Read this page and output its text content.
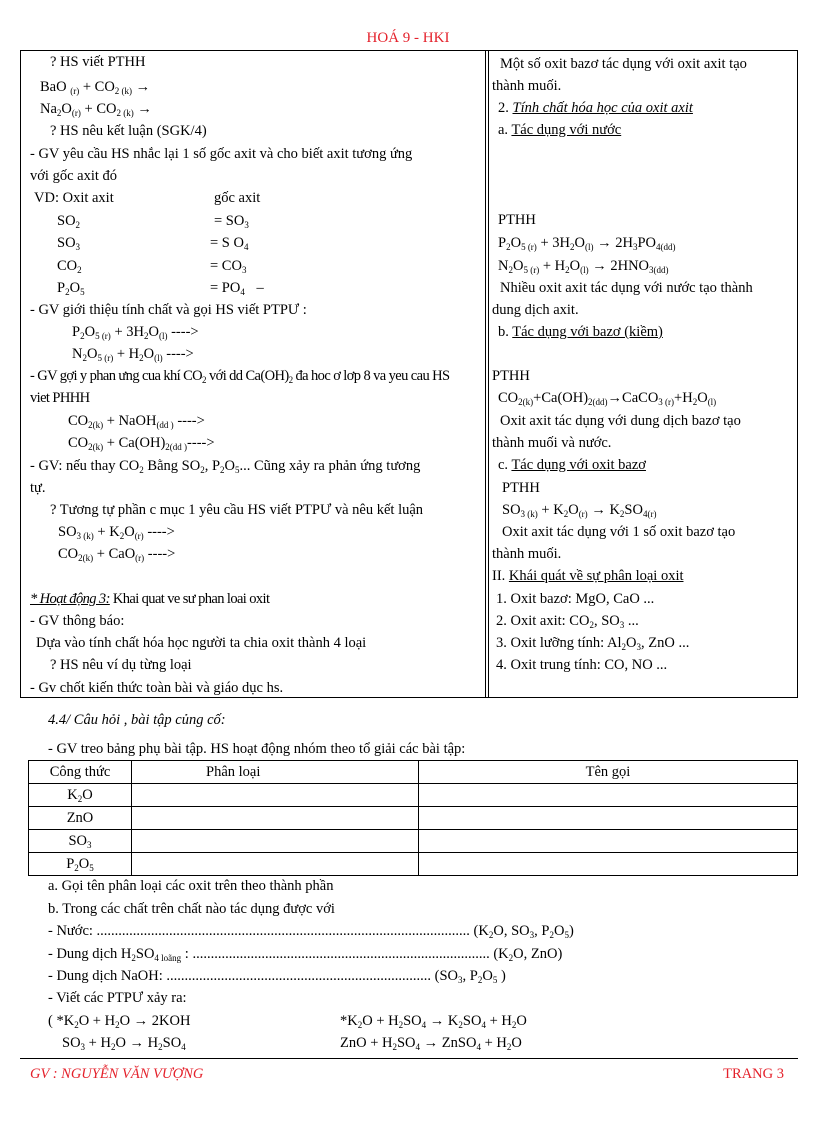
HOÁ 9 - HKI
? HS viết PTHH
BaO $_{(r)} + CO_{2 (k)}$ →
$Na_2O_{(r)} + CO_{2 (k)}$ →
? HS nêu kết luận (SGK/4)
- GV yêu cầu HS nhắc lại 1 số gốc axit và cho biết axit tương ứng
với gốc axit đó
VD: Oxit axit	gốc axit
$SO_2$	= $SO_3$
$SO_3$	= S $O_4$
$CO_2$	= $CO_3$
$P_2O_5$	= $PO_4$ –
- GV giới thiệu tính chất và gọi HS viết PTPƯ :
$P_2O_{5 (r)} + 3H_2O_{(l)}$ ---->
$N_2O_{5 (r)} + H_2O_{(l)}$ ---->
- GV gợi y phan ưng cua khí $CO_2$ với dd $Ca(OH)_2$ đa hoc ơ lơp 8 va yeu cau HS
viet PHHH
$CO_{2(k)}$ + NaOH$_{(dd )}$ ---->
$CO_{2(k)} + Ca(OH)_{2(dd )}---->$
- GV: nếu thay $CO_2$ Bằng $SO_2$, $P_2O_5$... Cũng xảy ra phản ứng tương
tự.
? Tương tự phần c mục 1 yêu cầu HS viết PTPƯ và nêu kết luận
$SO_{3 (k)} + K_2O_{(r)}$ ---->
$CO_{2(k)} + CaO_{(r)}$ ---->
* Hoạt động 3: Khai quat ve sư phan loai oxit
- GV thông báo:
Dựa vào tính chất hóa học người ta chia oxit thành 4 loại
? HS nêu ví dụ từng loại
- Gv chốt kiến thức toàn bài và giáo dục hs.
Một số oxit bazơ tác dụng với oxit axit tạo
thành muối.
2. Tính chất hóa học của oxit axit
a. Tác dụng với nước
PTHH
$P_2O_{5 (r)} + 3H_2O_{(l)} \to 2H_3PO_{4(dd)}$
$N_2O_{5 (r)} + H_2O_{(l)} \to 2HNO_{3(dd)}$
Nhiều oxit axit tác dụng với nước tạo thành
dung dịch axit.
b. Tác dụng với bazơ (kiềm)
PTHH
$CO_{2(k)}+Ca(OH)_{2(dd)}\to CaCO_{3 (r)}+H_2O_{(l)}$
Oxit axit tác dụng với dung dịch bazơ tạo
thành muối và nước.
c. Tác dụng với oxit bazơ
PTHH
$SO_{3 (k)} + K_2O_{(r)} \to K_2SO_{4(r)}$
Oxit axit tác dụng với 1 số oxit bazơ tạo
thành muối.
II. Khái quát về sự phân loại oxit
1. Oxit bazơ: MgO, CaO ...
2. Oxit axit: $CO_2$, $SO_3$ ...
3. Oxit lưỡng tính: $Al_2O_3$, ZnO ...
4. Oxit trung tính: CO, NO ...
4.4/ Câu hỏi , bài tập củng cố:
- GV treo bảng phụ bài tập. HS hoạt động nhóm theo tổ giải các bài tập:
Công thức	Phân loại	Tên gọi
$K_2O$		
ZnO		
$SO_3$		
$P_2O_5$		
a. Gọi tên phân loại các oxit trên theo thành phần
b. Trong các chất trên chất nào tác dụng được với
- Nước: ....................................................................................................... ($K_2O$, $SO_3$, $P_2O_5$)
- Dung dịch $H_2SO_{4 loãng}$ : .................................................................................. ($K_2O$, ZnO)
- Dung dịch NaOH: ......................................................................... ($SO_3$, $P_2O_5$ )
- Viết các PTPƯ xảy ra:
( $*K_2O + H_2O \to 2KOH$	$*K_2O + H_2SO_4 \to K_2SO_4 + H_2O$
$SO_3 + H_2O \to H_2SO_4$	ZnO + $H_2SO_4$ → ZnSO$_4$ + $H_2O$
GV : NGUYỄN VĂN VƯỢNG	TRANG 3
